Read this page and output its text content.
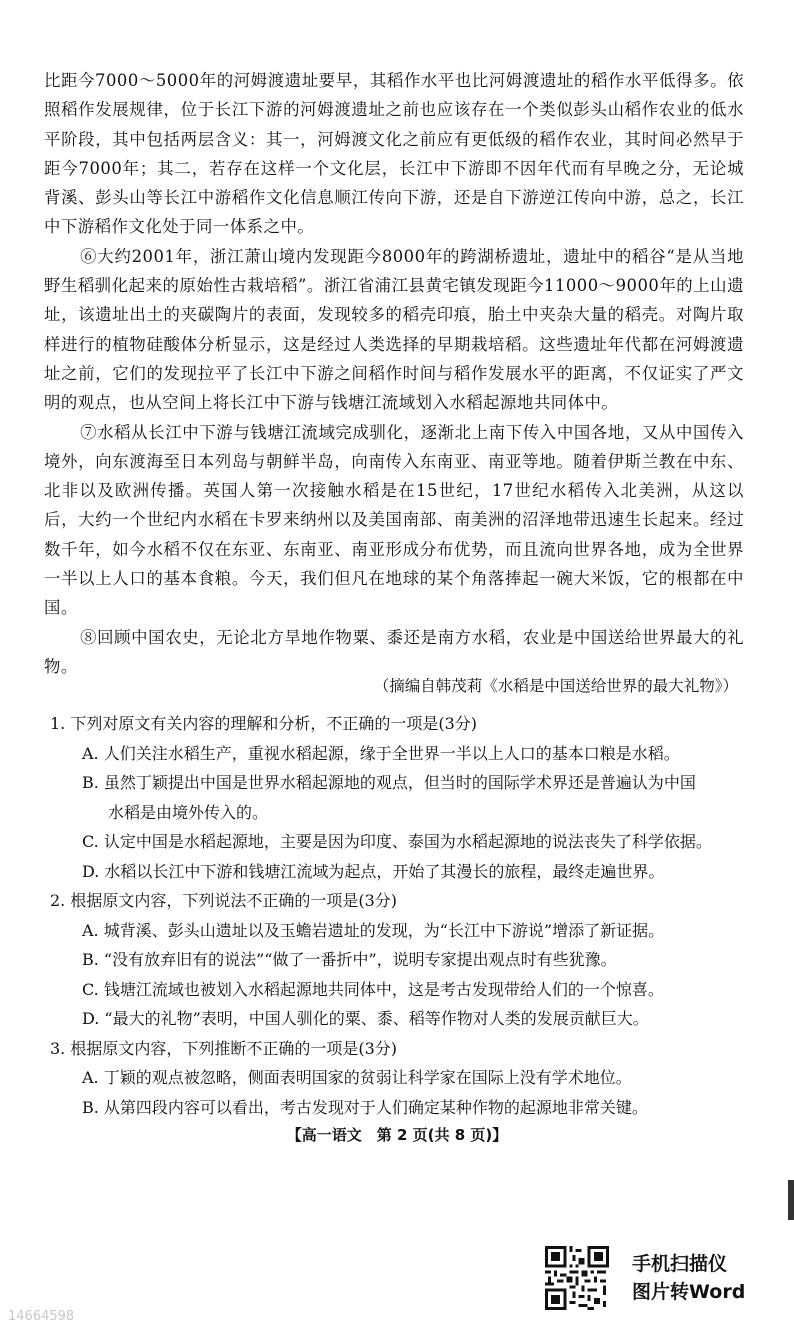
比距今7000～5000年的河姆渡遗址要早，其稻作水平也比河姆渡遗址的稻作水平低得多。依照稻作发展规律，位于长江下游的河姆渡遗址之前也应该存在一个类似彭头山稻作农业的低水平阶段，其中包括两层含义：其一，河姆渡文化之前应有更低级的稻作农业，其时间必然早于距今7000年；其二，若存在这样一个文化层，长江中下游即不因年代而有早晚之分，无论城背溪、彭头山等长江中游稻作文化信息顺江传向下游，还是自下游逆江传向中游，总之，长江中下游稻作文化处于同一体系之中。

⑥大约2001年，浙江萧山境内发现距今8000年的跨湖桥遗址，遗址中的稻谷“是从当地野生稻驯化起来的原始性古栽培稻”。浙江省浦江县黄宅镇发现距今11000～9000年的上山遗址，该遗址出土的夹碳陶片的表面，发现较多的稻壳印痕，胎土中夹杂大量的稻壳。对陶片取样进行的植物硅酸体分析显示，这是经过人类选择的早期栽培稻。这些遗址年代都在河姆渡遗址之前，它们的发现拉平了长江中下游之间稻作时间与稻作发展水平的距离，不仅证实了严文明的观点，也从空间上将长江中下游与钱塘江流域划入水稻起源地共同体中。

⑦水稻从长江中下游与钱塘江流域完成驯化，逐渐北上南下传入中国各地，又从中国传入境外，向东渡海至日本列岛与朝鲜半岛，向南传入东南亚、南亚等地。随着伊斯兰教在中东、北非以及欧洲传播。英国人第一次接触水稻是在15世纪，17世纪水稻传入北美洲，从这以后，大约一个世纪内水稻在卡罗来纳州以及美国南部、南美洲的沼泽地带迅速生长起来。经过数千年，如今水稻不仅在东亚、东南亚、南亚形成分布优势，而且流向世界各地，成为全世界一半以上人口的基本食粮。今天，我们但凡在地球的某个角落捧起一碗大米饭，它的根都在中国。

⑧回顾中国农史，无论北方旱地作物粟、黍还是南方水稻，农业是中国送给世界最大的礼物。

（摘编自韩茂莉《水稻是中国送给世界的最大礼物》）

1. 下列对原文有关内容的理解和分析，不正确的一项是(3分)

A. 人们关注水稻生产，重视水稻起源，缘于全世界一半以上人口的基本口粮是水稻。

B. 虽然丁颖提出中国是世界水稻起源地的观点，但当时的国际学术界还是普遍认为中国

水稻是由境外传入的。

C. 认定中国是水稻起源地，主要是因为印度、泰国为水稻起源地的说法丧失了科学依据。

D. 水稻以长江中下游和钱塘江流域为起点，开始了其漫长的旅程，最终走遍世界。

2. 根据原文内容，下列说法不正确的一项是(3分)

A. 城背溪、彭头山遗址以及玉蟾岩遗址的发现，为“长江中下游说”增添了新证据。

B. “没有放弃旧有的说法”“做了一番折中”，说明专家提出观点时有些犹豫。

C. 钱塘江流域也被划入水稻起源地共同体中，这是考古发现带给人们的一个惊喜。

D. “最大的礼物”表明，中国人驯化的粟、黍、稻等作物对人类的发展贡献巨大。

3. 根据原文内容，下列推断不正确的一项是(3分)

A. 丁颖的观点被忽略，侧面表明国家的贫弱让科学家在国际上没有学术地位。

B. 从第四段内容可以看出，考古发现对于人们确定某种作物的起源地非常关键。

【高一语文　第 2 页(共 8 页)】
手机扫描仪
图片转Word
14664598
